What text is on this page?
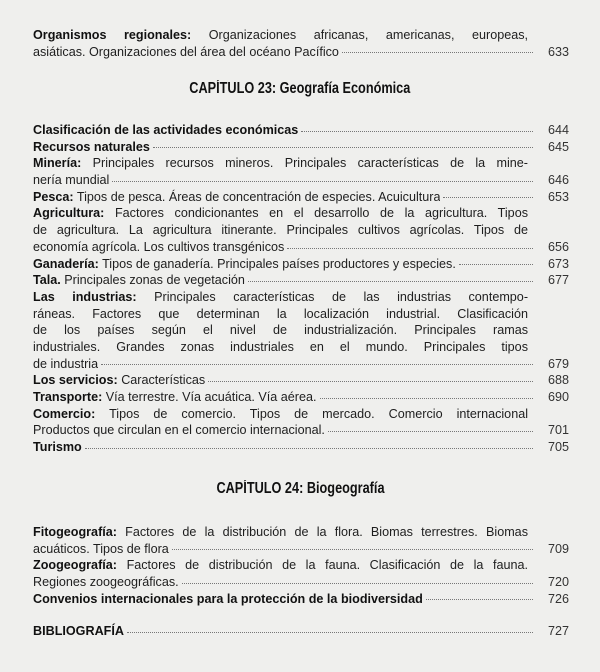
Organismos regionales: Organizaciones africanas, americanas, europeas,
asiáticas. Organizaciones del área del océano Pacífico	633
CAPÍTULO 23: Geografía Económica
Clasificación de las actividades económicas	644
Recursos naturales	645
Minería: Principales recursos mineros. Principales características de la mine-
nería mundial	646
Pesca: Tipos de pesca. Áreas de concentración de especies. Acuicultura	653
Agricultura: Factores condicionantes en el desarrollo de la agricultura. Tipos
de agricultura. La agricultura itinerante. Principales cultivos agrícolas. Tipos de
economía agrícola. Los cultivos transgénicos	656
Ganadería: Tipos de ganadería. Principales países productores y especies.	673
Tala. Principales zonas de vegetación	677
Las industrias: Principales características de las industrias contempo-
ráneas. Factores que determinan la localización industrial. Clasificación
de los países según el nivel de industrialización. Principales ramas
industriales. Grandes zonas industriales en el mundo. Principales tipos
de industria	679
Los servicios: Características	688
Transporte: Vía terrestre. Vía acuática. Vía aérea.	690
Comercio: Tipos de comercio. Tipos de mercado. Comercio internacional
Productos que circulan en el comercio internacional.	701
Turismo	705
CAPÍTULO 24: Biogeografía
Fitogeografía: Factores de la distribución de la flora. Biomas terrestres. Biomas
acuáticos. Tipos de flora	709
Zoogeografía: Factores de distribución de la fauna. Clasificación de la fauna.
Regiones zoogeográficas.	720
Convenios internacionales para la protección de la biodiversidad	726
BIBLIOGRAFÍA	727
